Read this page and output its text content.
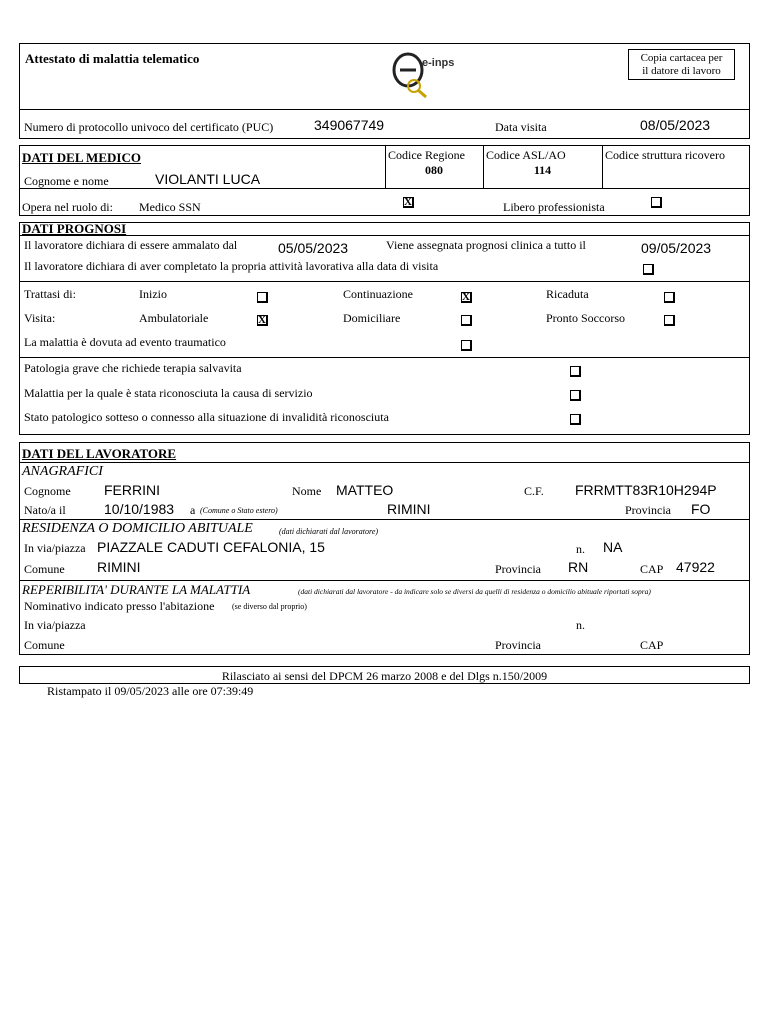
Attestato di malattia telematico	e-inps	Copia cartacea per
il datore di lavoro
Numero di protocollo univoco del certificato (PUC)	349067749	Data visita	08/05/2023
DATI DEL MEDICO
Cognome e nome	VIOLANTI LUCA
Codice Regione
080
Codice ASL/AO
114
Codice struttura ricovero
Opera nel ruolo di: Medico SSN	X	Libero professionista
DATI PROGNOSI
Il lavoratore dichiara di essere ammalato dal	05/05/2023	Viene assegnata prognosi clinica a tutto il	09/05/2023
Il lavoratore dichiara di aver completato la propria attività lavorativa alla data di visita
Trattasi di:	Inizio	Continuazione	X	Ricaduta
Visita:	Ambulatoriale	X	Domiciliare	Pronto Soccorso
La malattia è dovuta ad evento traumatico
Patologia grave che richiede terapia salvavita
Malattia per la quale è stata riconosciuta la causa di servizio
Stato patologico sotteso o connesso alla situazione di invalidità riconosciuta
DATI DEL LAVORATORE
ANAGRAFICI
Cognome FERRINI	Nome MATTEO	C.F. FRRMTT83R10H294P
Nato/a il	10/10/1983 a (Comune o Stato estero)	RIMINI	Provincia FO
RESIDENZA O DOMICILIO ABITUALE	(dati dichiarati dal lavoratore)
In via/piazza PIAZZALE CADUTI CEFALONIA, 15	n. NA
Comune RIMINI	Provincia RN	CAP 47922
REPERIBILITA' DURANTE LA MALATTIA	(dati dichiarati dal lavoratore - da indicare solo se diversi da quelli di residenza o domicilio abituale riportati sopra)
Nominativo indicato presso l'abitazione (se diverso dal proprio)
In via/piazza	n.
Comune	Provincia	CAP
Rilasciato ai sensi del DPCM 26 marzo 2008 e del Dlgs n.150/2009
Ristampato il 09/05/2023 alle ore 07:39:49
